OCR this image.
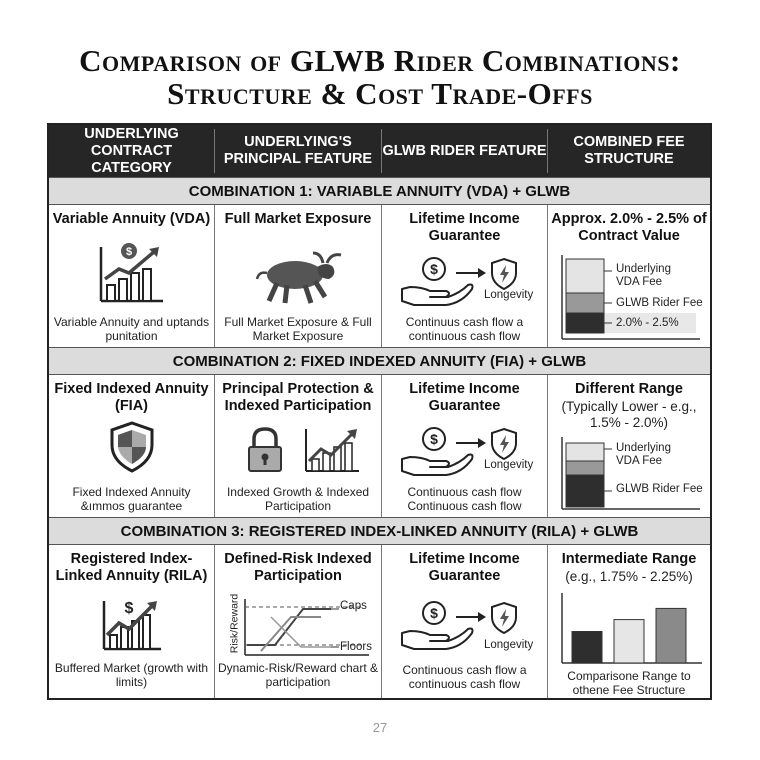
Comparison of GLWB Rider Combinations:
Structure & Cost Trade-Offs
UNDERLYING CONTRACT CATEGORY
UNDERLYING'S PRINCIPAL FEATURE
GLWB RIDER FEATURE
COMBINED FEE STRUCTURE
COMBINATION 1: VARIABLE ANNUITY (VDA) + GLWB
Variable Annuity (VDA)
$
Variable Annuity and uptands punitation
Full Market Exposure
Full Market Exposure & Full Market Exposure
Lifetime Income Guarantee
$
Longevity
Continuus cash flow a continuous cash flow
Approx. 2.0% - 2.5% of Contract Value
Underlying
VDA Fee
GLWB Rider Fee
2.0% - 2.5%
COMBINATION 2: FIXED INDEXED ANNUITY (FIA) + GLWB
Fixed Indexed Annuity (FIA)
Fixed Indexed Annuity &ımmos guarantee
Principal Protection & Indexed Participation
Indexed Growth & Indexed Participation
Lifetime Income Guarantee
$
Longevity
Continuous cash flow Continuous cash flow
Different Range
(Typically Lower - e.g., 1.5% - 2.0%)
Underlying
VDA Fee
GLWB Rider Fee
COMBINATION 3: REGISTERED INDEX-LINKED ANNUITY (RILA) + GLWB
Registered Index-Linked Annuity (RILA)
$
Buffered Market (growth with limits)
Defined-Risk Indexed Participation
Risk/Reward	Caps
Floors
Dynamic-Risk/Reward chart & participation
Lifetime Income Guarantee
$
Longevity
Continuous cash flow a continuous cash flow
Intermediate Range
(e.g., 1.75% - 2.25%)
Comparisone Range to othene Fee Structure
27
